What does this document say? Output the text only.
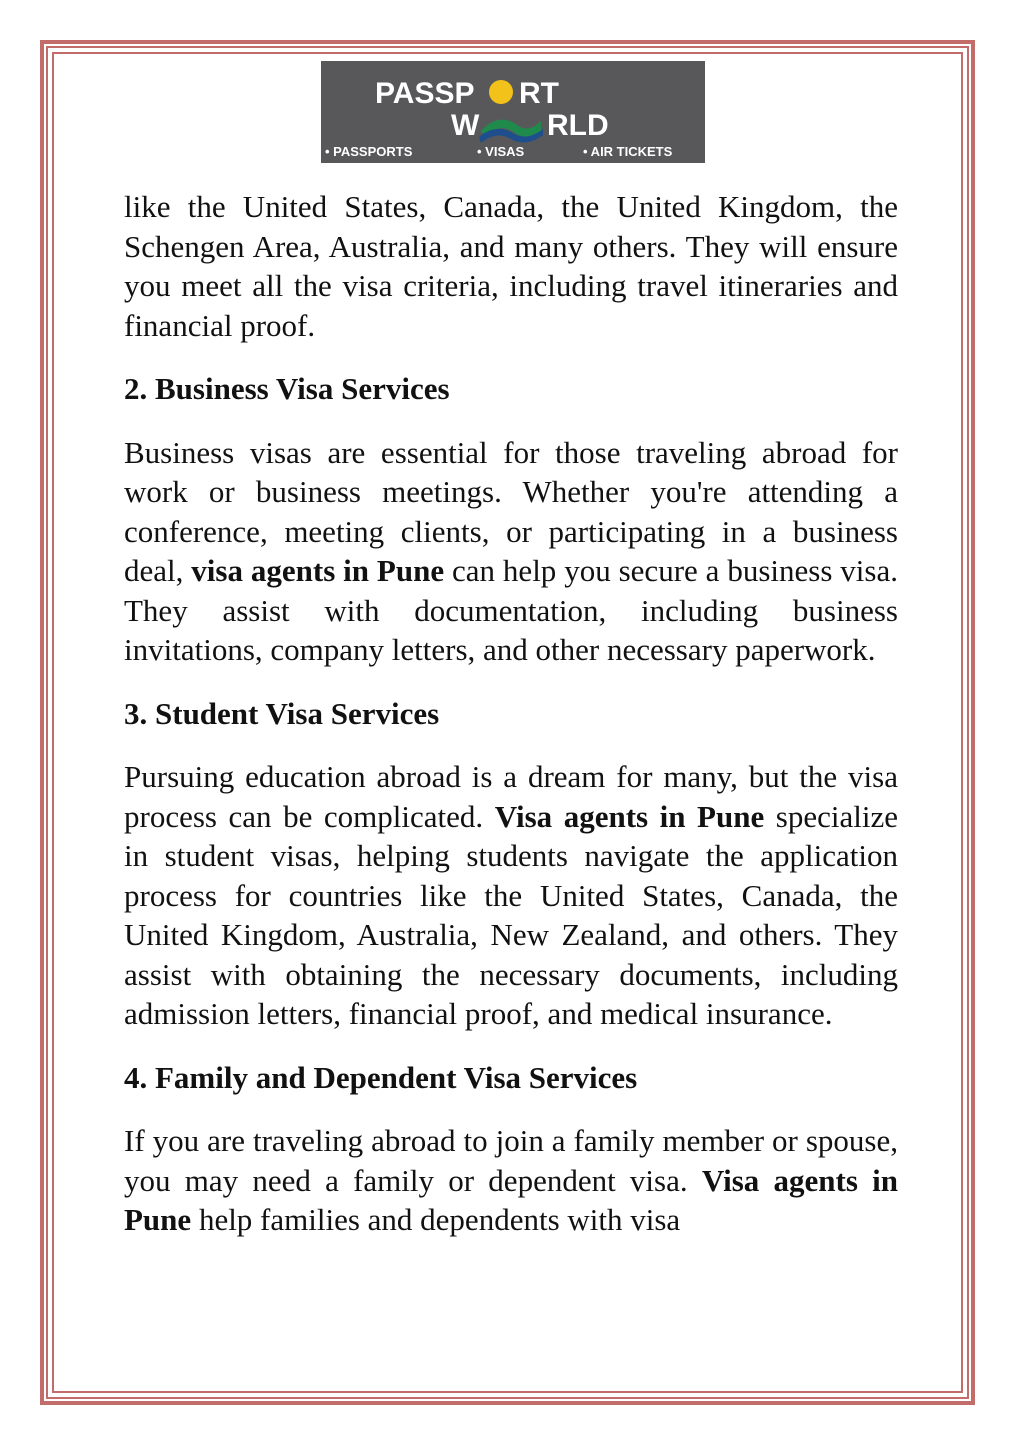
PASSP RT
W RLD
• PASSPORTS	• VISAS	• AIR TICKETS

like the United States, Canada, the United Kingdom, the Schengen Area, Australia, and many others. They will ensure you meet all the visa criteria, including travel itineraries and financial proof.

2. Business Visa Services

Business visas are essential for those traveling abroad for work or business meetings. Whether you're attending a conference, meeting clients, or participating in a business deal, visa agents in Pune can help you secure a business visa. They assist with documentation, including business invitations, company letters, and other necessary paperwork.

3. Student Visa Services

Pursuing education abroad is a dream for many, but the visa process can be complicated. Visa agents in Pune specialize in student visas, helping students navigate the application process for countries like the United States, Canada, the United Kingdom, Australia, New Zealand, and others. They assist with obtaining the necessary documents, including admission letters, financial proof, and medical insurance.

4. Family and Dependent Visa Services

If you are traveling abroad to join a family member or spouse, you may need a family or dependent visa. Visa agents in Pune help families and dependents with visa
